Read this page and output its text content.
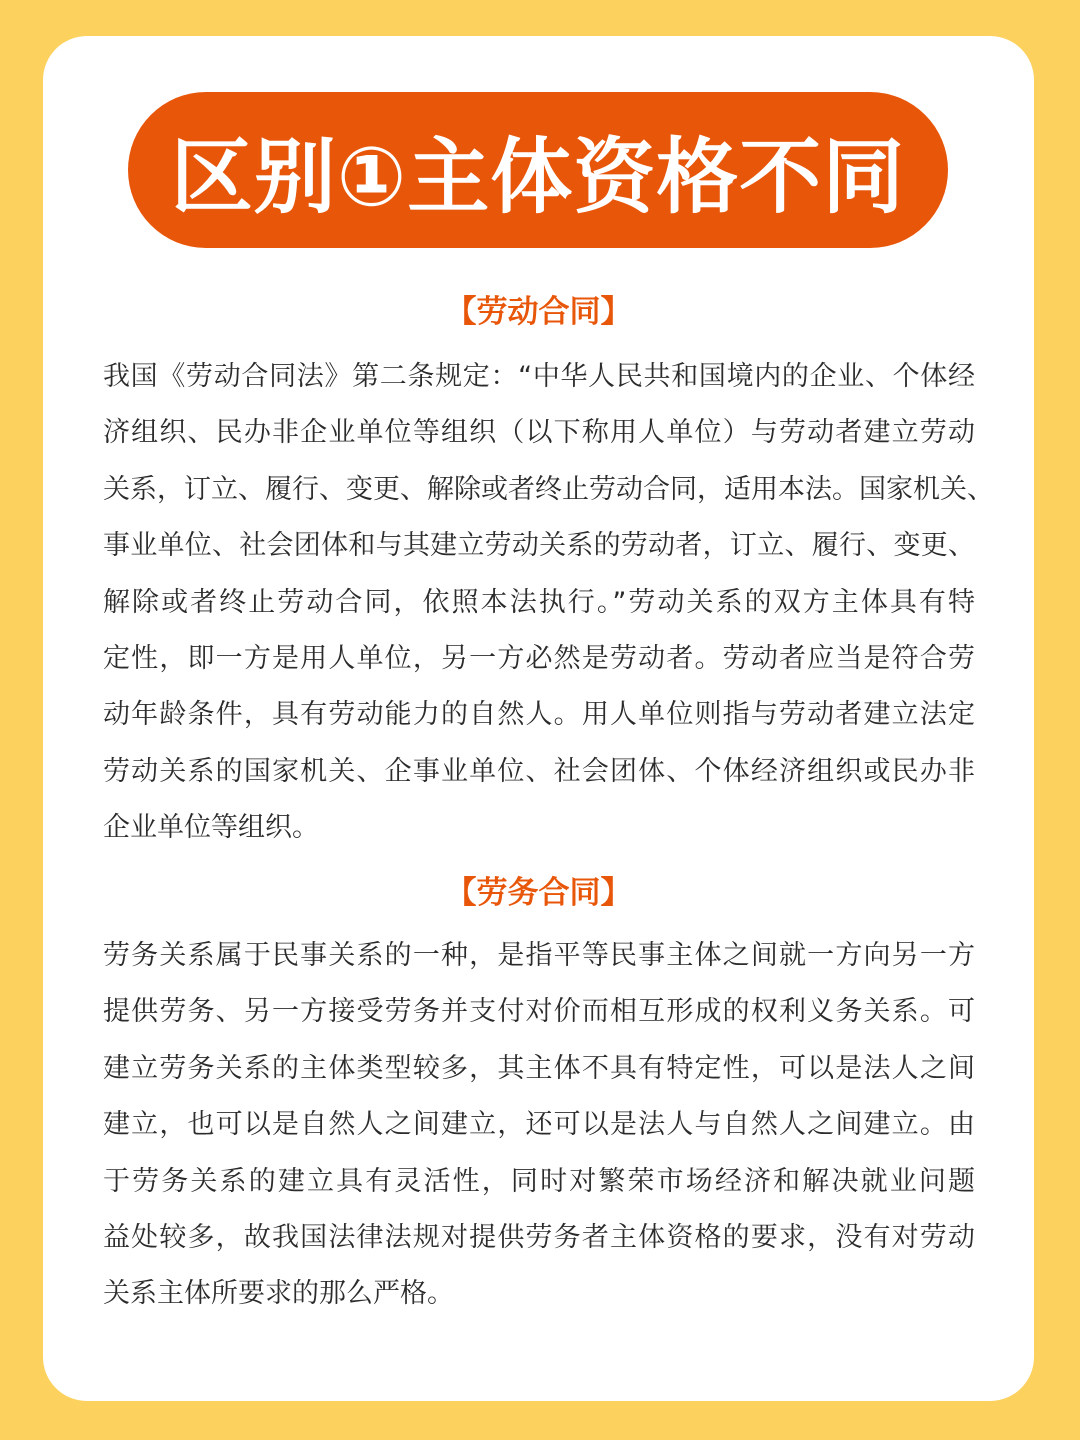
区别①主体资格不同
【劳动合同】
我国《劳动合同法》第二条规定：“中华人民共和国境内的企业、个体经
济组织、民办非企业单位等组织（以下称用人单位）与劳动者建立劳动
关系，订立、履行、变更、解除或者终止劳动合同，适用本法。国家机关、
事业单位、社会团体和与其建立劳动关系的劳动者，订立、履行、变更、
解除或者终止劳动合同，依照本法执行。”劳动关系的双方主体具有特
定性，即一方是用人单位，另一方必然是劳动者。劳动者应当是符合劳
动年龄条件，具有劳动能力的自然人。用人单位则指与劳动者建立法定
劳动关系的国家机关、企事业单位、社会团体、个体经济组织或民办非
企业单位等组织。
【劳务合同】
劳务关系属于民事关系的一种，是指平等民事主体之间就一方向另一方
提供劳务、另一方接受劳务并支付对价而相互形成的权利义务关系。可
建立劳务关系的主体类型较多，其主体不具有特定性，可以是法人之间
建立，也可以是自然人之间建立，还可以是法人与自然人之间建立。由
于劳务关系的建立具有灵活性，同时对繁荣市场经济和解决就业问题
益处较多，故我国法律法规对提供劳务者主体资格的要求，没有对劳动
关系主体所要求的那么严格。
